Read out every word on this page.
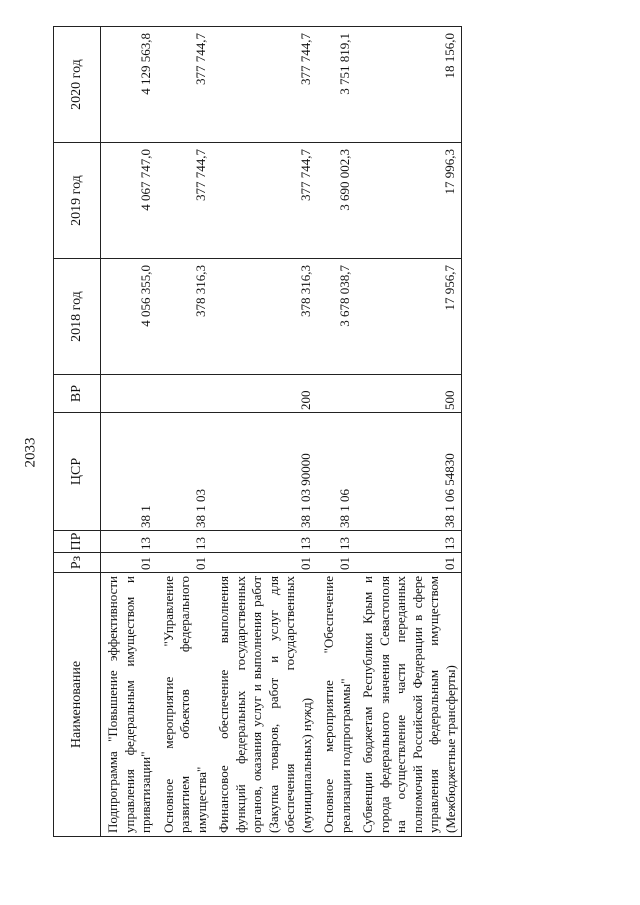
2033
Наименование	Рз	ПР	ЦСР	ВР	2018 год	2019 год	2020 год
Подпрограмма "Повышение эффективности управления федеральным имуществом и приватизации"	01	13	38 1		4 056 355,0	4 067 747,0	4 129 563,8
Основное мероприятие "Управление развитием объектов федерального имущества"	01	13	38 1 03		378 316,3	377 744,7	377 744,7
Финансовое обеспечение выполнения функций федеральных государственных органов, оказания услуг и выполнения работ (Закупка товаров, работ и услуг для обеспечения государственных (муниципальных) нужд)	01	13	38 1 03 90000	200	378 316,3	377 744,7	377 744,7
Основное мероприятие "Обеспечение реализации подпрограммы"	01	13	38 1 06		3 678 038,7	3 690 002,3	3 751 819,1
Субвенции бюджетам Республики Крым и города федерального значения Севастополя на осуществление части переданных полномочий Российской Федерации в сфере управления федеральным имуществом (Межбюджетные трансферты)	01	13	38 1 06 54830	500	17 956,7	17 996,3	18 156,0
